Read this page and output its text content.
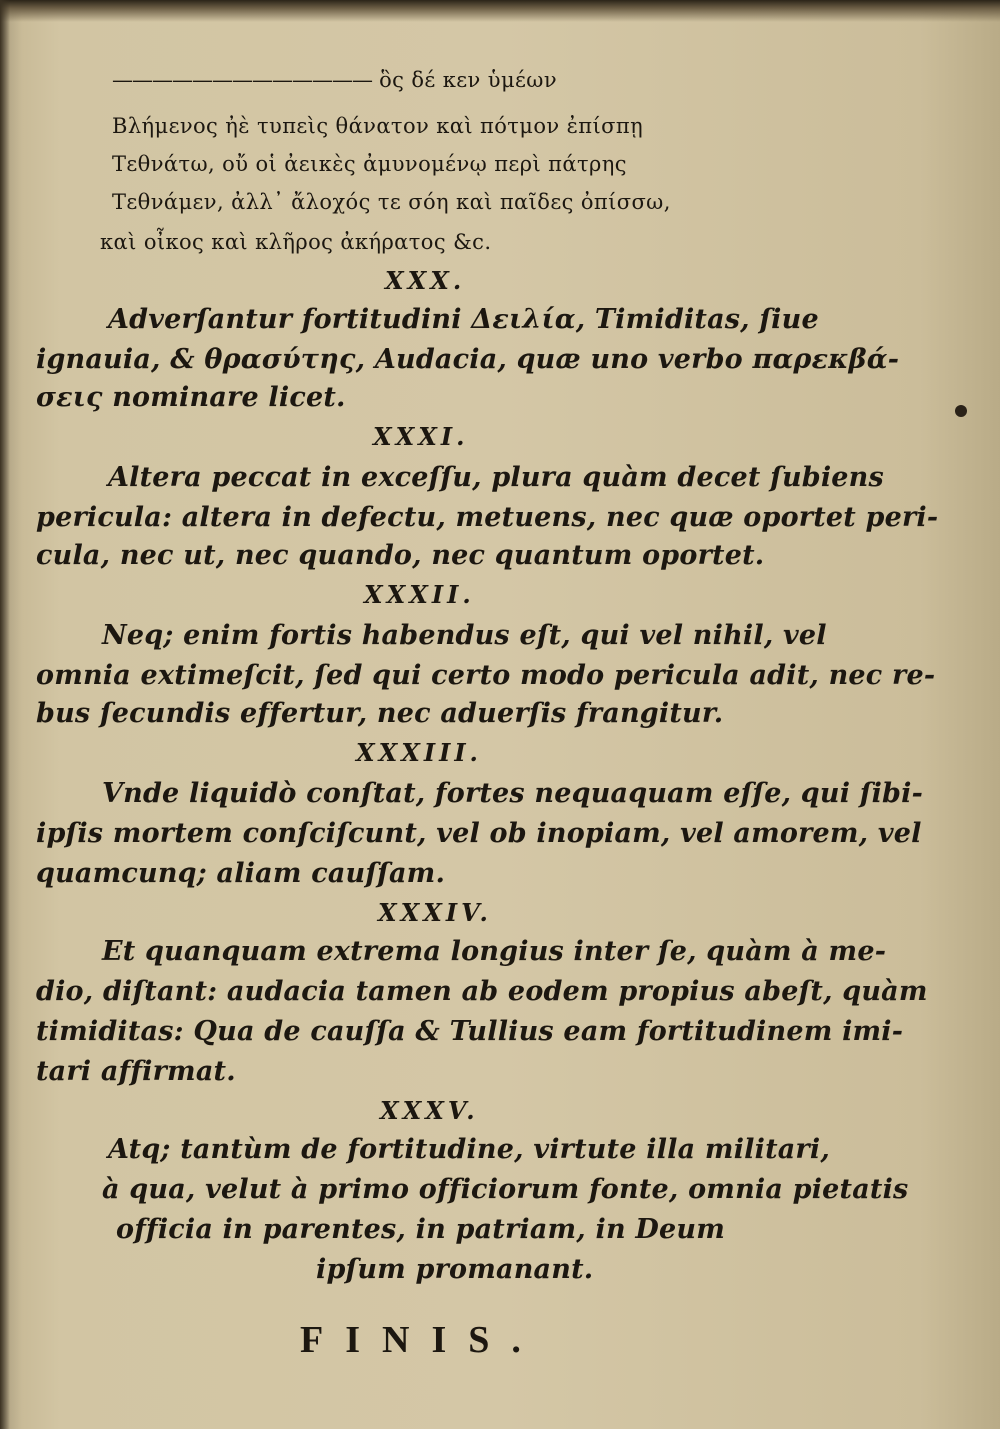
————————————— ὃς δέ κεν ὑμέων
Βλήμενος ἠὲ τυπεὶς θάνατον καὶ πότμον ἐπίσπῃ
Τεθνάτω, οὔ οἱ ἀεικὲς ἀμυνομένῳ περὶ πάτρης
Τεθνάμεν, ἀλλ᾽ ἄλοχός τε σόη καὶ παῖδες ὀπίσσω,
καὶ οἶκος καὶ κλῆρος ἀκήρατος &c.
XXX.
Adverſantur fortitudini Δειλία, Timiditas, ſiue
ignauia, & θρασύτης, Audacia, quæ uno verbo παρεκβά-
σεις nominare licet.
XXXI.
Altera peccat in exceſſu, plura quàm decet ſubiens
pericula: altera in defectu, metuens, nec quæ oportet peri-
cula, nec ut, nec quando, nec quantum oportet.
XXXII.
Neq; enim fortis habendus eſt, qui vel nihil, vel
omnia extimeſcit, ſed qui certo modo pericula adit, nec re-
bus ſecundis effertur, nec aduerſis frangitur.
XXXIII.
Vnde liquidò conſtat, fortes nequaquam eſſe, qui ſibi-
ipſis mortem conſciſcunt, vel ob inopiam, vel amorem, vel
quamcunq; aliam cauſſam.
XXXIV.
Et quanquam extrema longius inter ſe, quàm à me-
dio, diſtant: audacia tamen ab eodem propius abeſt, quàm
timiditas: Qua de cauſſa & Tullius eam fortitudinem imi-
tari affirmat.
XXXV.
Atq; tantùm de fortitudine, virtute illa militari,
à qua, velut à primo officiorum fonte, omnia pietatis
officia in parentes, in patriam, in Deum
ipſum promanant.
FINIS.
